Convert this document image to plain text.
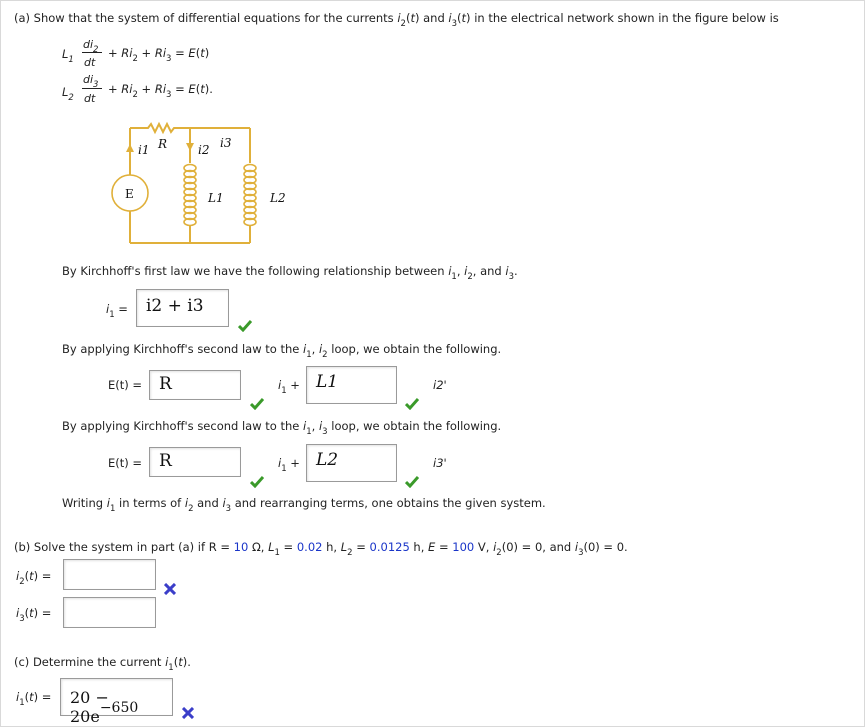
(a) Show that the system of differential equations for the currents $i_2(t)$ and $i_3(t)$ in the electrical network shown in the figure below is
$L_1$
$di_2$
dt
+ $Ri_2 + Ri_3 = E(t)$
$L_2$
$di_3$
dt
+ $Ri_2 + Ri_3 = E(t)$.
E
i1 R	i2 i3
L1	L2
By Kirchhoff's first law we have the following relationship between $i_1$, $i_2$, and $i_3$.
$i_1$ =	i2 + i3
By applying Kirchhoff's second law to the $i_1$, $i_2$ loop, we obtain the following.
E(t) = R	$i_1 + L1$	i2'
By applying Kirchhoff's second law to the $i_1$, $i_3$ loop, we obtain the following.
E(t) = R	$i_1 + L2$	i3'
Writing $i_1$ in terms of $i_2$ and $i_3$ and rearranging terms, one obtains the given system.
(b) Solve the system in part (a) if R = 10 Ω, $L_1 = 0.02$ h, $L_2 = 0.0125$ h, E = 100 V, $i_2(0) = 0$, and $i_3(0) = 0$.
$i_2(t)$ =
$i_3(t)$ =
(c) Determine the current $i_1(t)$.
$i_1(t)$ =	20 − 20e−650
